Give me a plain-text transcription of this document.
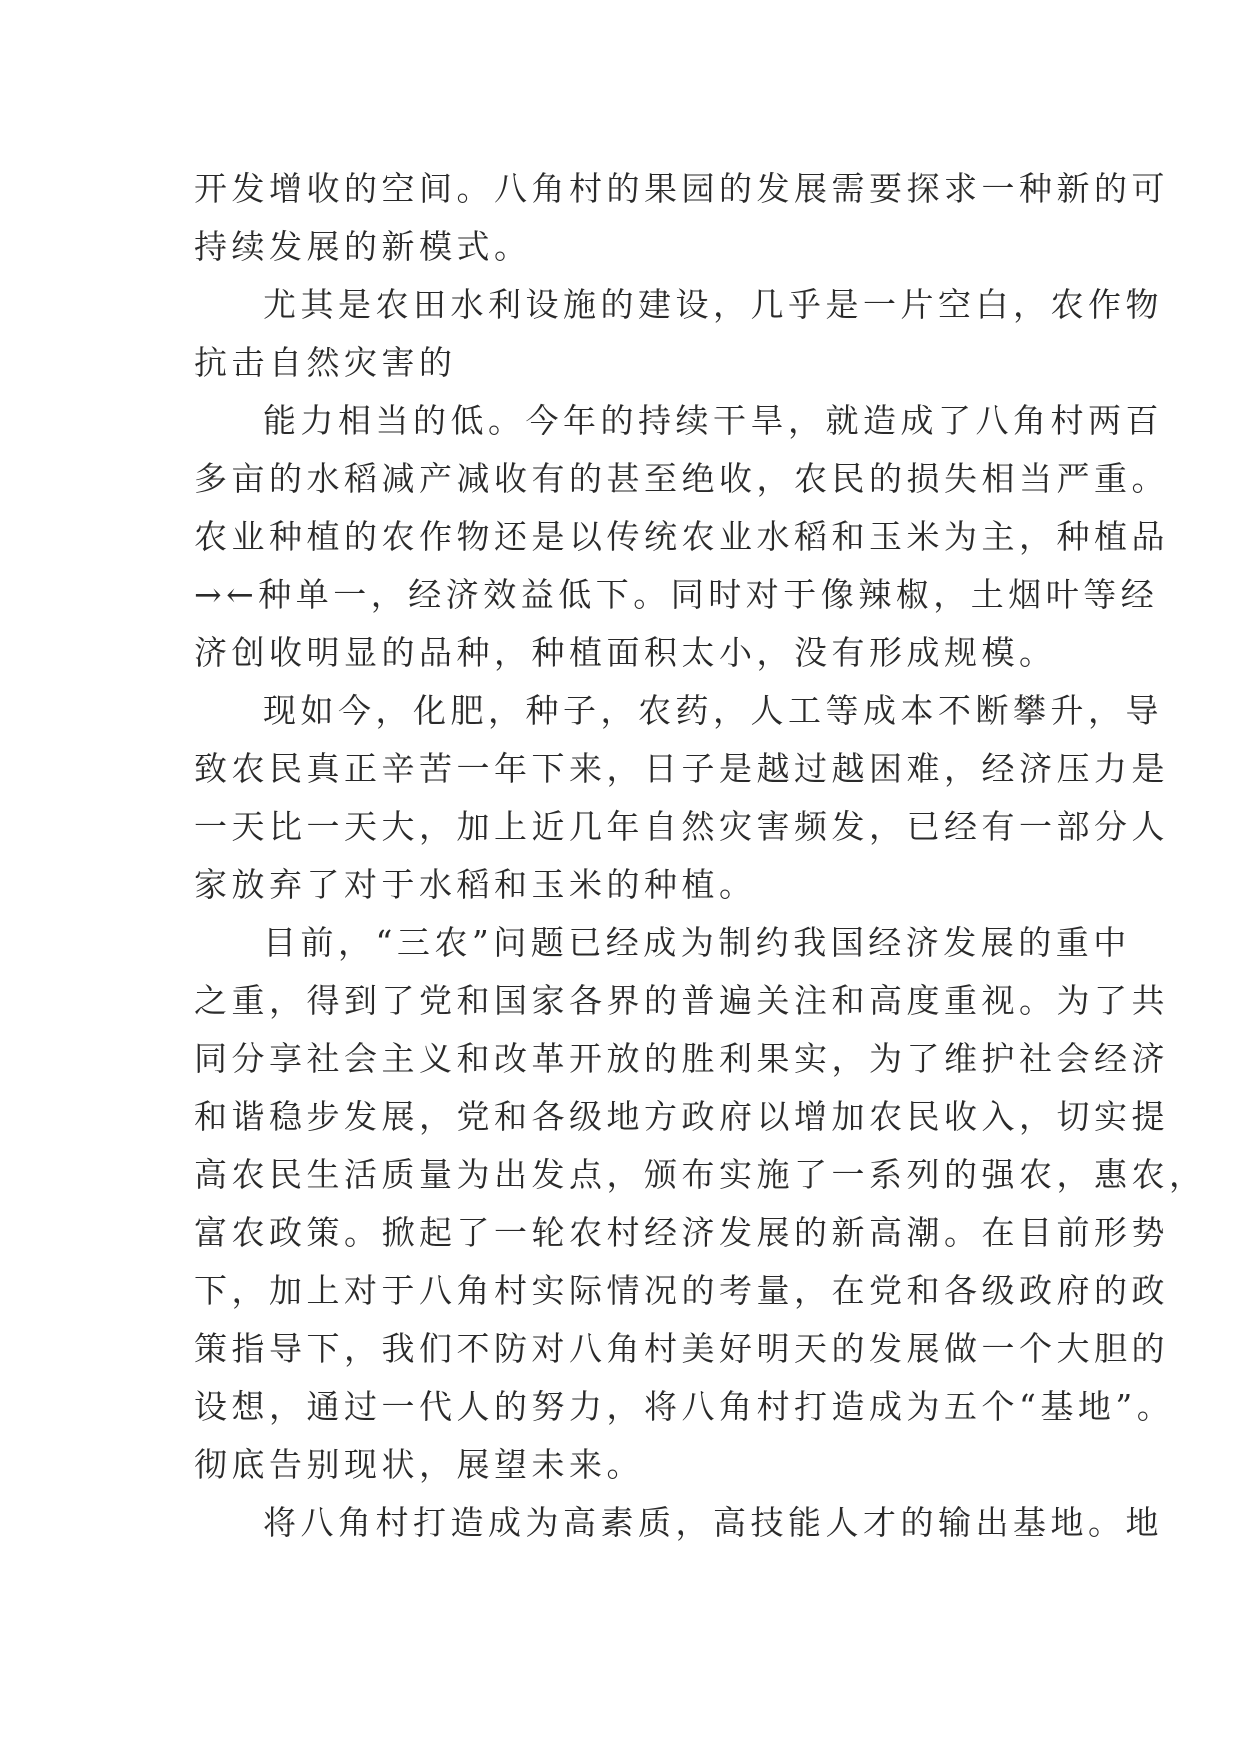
开发增收的空间。八角村的果园的发展需要探求一种新的可
持续发展的新模式。
尤其是农田水利设施的建设，几乎是一片空白，农作物
抗击自然灾害的
能力相当的低。今年的持续干旱，就造成了八角村两百
多亩的水稻减产减收有的甚至绝收，农民的损失相当严重。
农业种植的农作物还是以传统农业水稻和玉米为主，种植品
→←种单一，经济效益低下。同时对于像辣椒，土烟叶等经
济创收明显的品种，种植面积太小，没有形成规模。
现如今，化肥，种子，农药，人工等成本不断攀升，导
致农民真正辛苦一年下来，日子是越过越困难，经济压力是
一天比一天大，加上近几年自然灾害频发，已经有一部分人
家放弃了对于水稻和玉米的种植。
目前，“三农”问题已经成为制约我国经济发展的重中
之重，得到了党和国家各界的普遍关注和高度重视。为了共
同分享社会主义和改革开放的胜利果实，为了维护社会经济
和谐稳步发展，党和各级地方政府以增加农民收入，切实提
高农民生活质量为出发点，颁布实施了一系列的强农，惠农，
富农政策。掀起了一轮农村经济发展的新高潮。在目前形势
下，加上对于八角村实际情况的考量，在党和各级政府的政
策指导下，我们不防对八角村美好明天的发展做一个大胆的
设想，通过一代人的努力，将八角村打造成为五个“基地”。
彻底告别现状，展望未来。
将八角村打造成为高素质，高技能人才的输出基地。地
